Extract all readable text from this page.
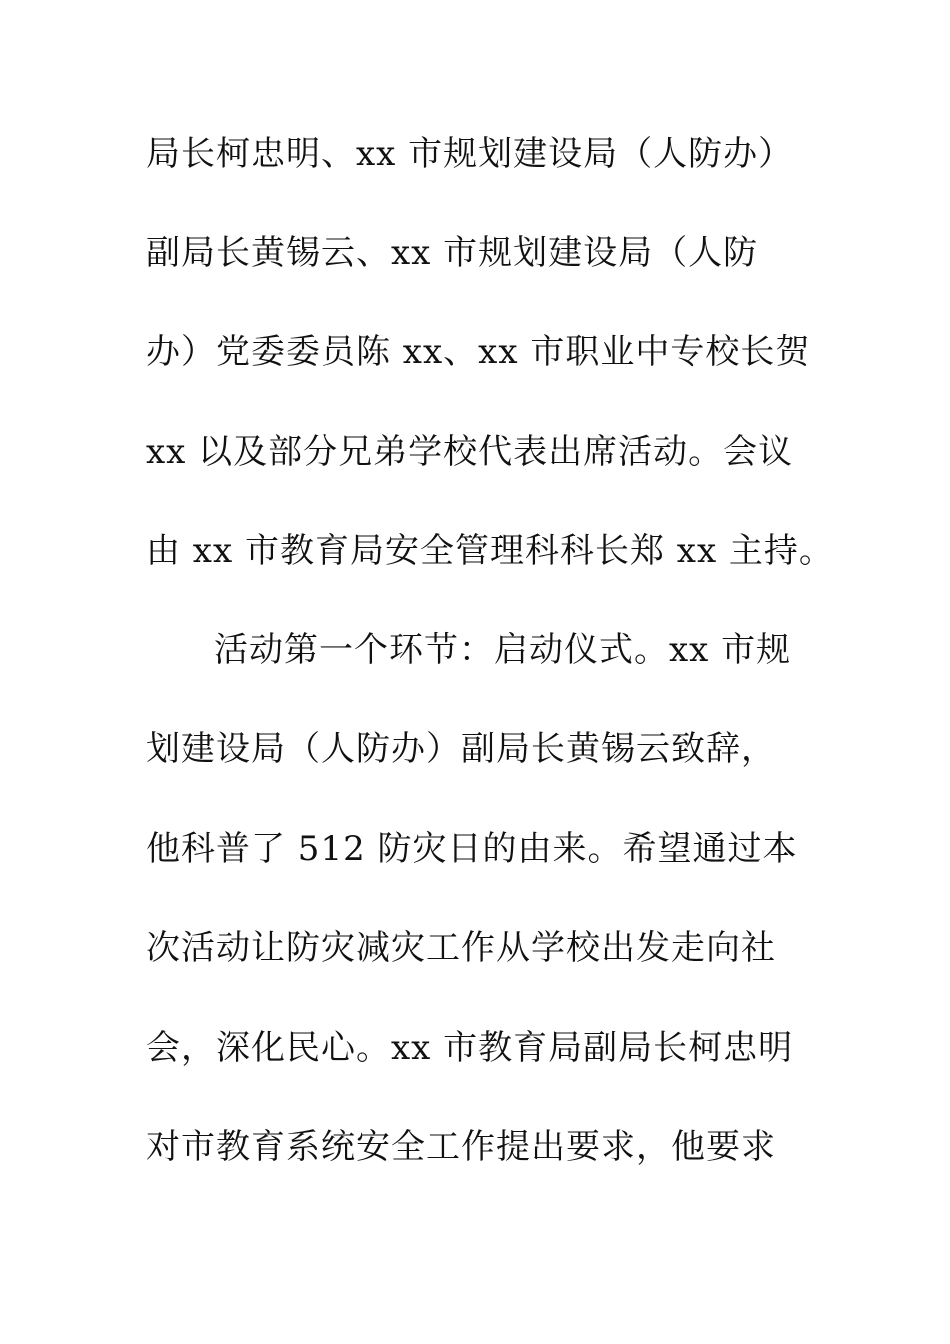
局长柯忠明、xx 市规划建设局（人防办）
副局长黄锡云、xx 市规划建设局（人防
办）党委委员陈 xx、xx 市职业中专校长贺
xx 以及部分兄弟学校代表出席活动。会议
由 xx 市教育局安全管理科科长郑 xx 主持。
活动第一个环节：启动仪式。xx 市规
划建设局（人防办）副局长黄锡云致辞，
他科普了 512 防灾日的由来。希望通过本
次活动让防灾减灾工作从学校出发走向社
会，深化民心。xx 市教育局副局长柯忠明
对市教育系统安全工作提出要求，他要求
